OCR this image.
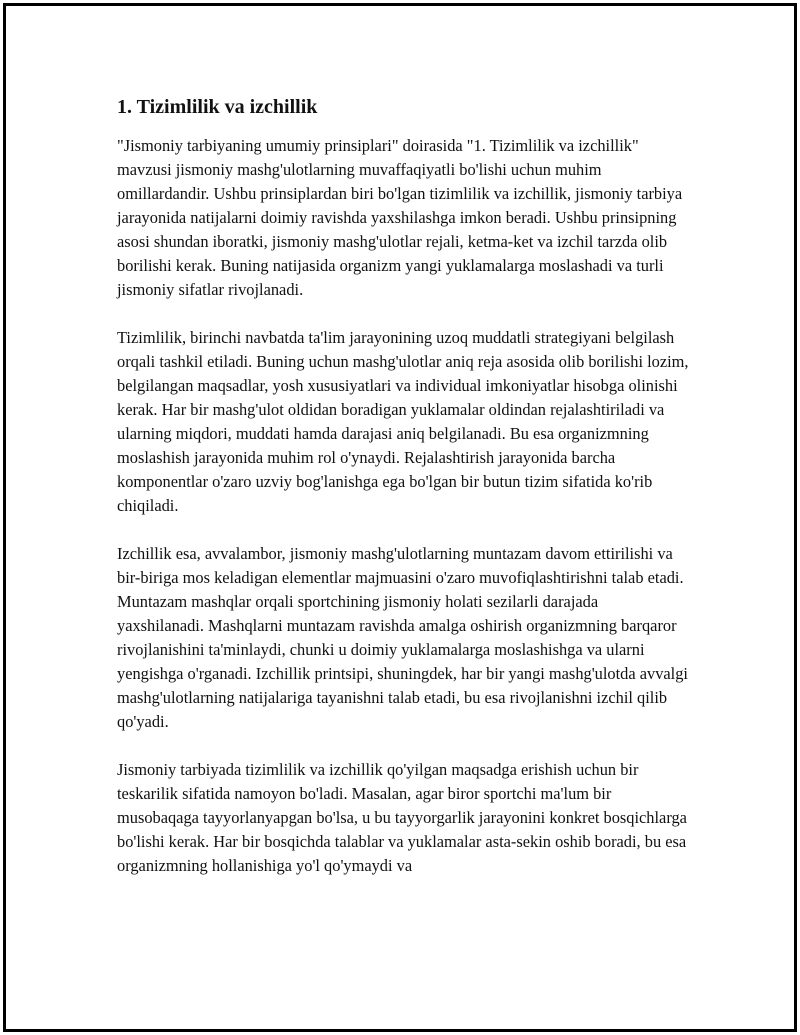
1. Tizimlilik va izchillik

"Jismoniy tarbiyaning umumiy prinsiplari" doirasida "1. Tizimlilik va izchillik" mavzusi jismoniy mashg'ulotlarning muvaffaqiyatli bo'lishi uchun muhim omillardandir. Ushbu prinsiplardan biri bo'lgan tizimlilik va izchillik, jismoniy tarbiya jarayonida natijalarni doimiy ravishda yaxshilashga imkon beradi. Ushbu prinsipning asosi shundan iboratki, jismoniy mashg'ulotlar rejali, ketma-ket va izchil tarzda olib borilishi kerak. Buning natijasida organizm yangi yuklamalarga moslashadi va turli jismoniy sifatlar rivojlanadi.

Tizimlilik, birinchi navbatda ta'lim jarayonining uzoq muddatli strategiyani belgilash orqali tashkil etiladi. Buning uchun mashg'ulotlar aniq reja asosida olib borilishi lozim, belgilangan maqsadlar, yosh xususiyatlari va individual imkoniyatlar hisobga olinishi kerak. Har bir mashg'ulot oldidan boradigan yuklamalar oldindan rejalashtiriladi va ularning miqdori, muddati hamda darajasi aniq belgilanadi. Bu esa organizmning moslashish jarayonida muhim rol o'ynaydi. Rejalashtirish jarayonida barcha komponentlar o'zaro uzviy bog'lanishga ega bo'lgan bir butun tizim sifatida ko'rib chiqiladi.

Izchillik esa, avvalambor, jismoniy mashg'ulotlarning muntazam davom ettirilishi va bir-biriga mos keladigan elementlar majmuasini o'zaro muvofiqlashtirishni talab etadi. Muntazam mashqlar orqali sportchining jismoniy holati sezilarli darajada yaxshilanadi. Mashqlarni muntazam ravishda amalga oshirish organizmning barqaror rivojlanishini ta'minlaydi, chunki u doimiy yuklamalarga moslashishga va ularni yengishga o'rganadi. Izchillik printsipi, shuningdek, har bir yangi mashg'ulotda avvalgi mashg'ulotlarning natijalariga tayanishni talab etadi, bu esa rivojlanishni izchil qilib qo'yadi.

Jismoniy tarbiyada tizimlilik va izchillik qo'yilgan maqsadga erishish uchun bir teskarilik sifatida namoyon bo'ladi. Masalan, agar biror sportchi ma'lum bir musobaqaga tayyorlanyapgan bo'lsa, u bu tayyorgarlik jarayonini konkret bosqichlarga bo'lishi kerak. Har bir bosqichda talablar va yuklamalar asta-sekin oshib boradi, bu esa organizmning hollanishiga yo'l qo'ymaydi va
